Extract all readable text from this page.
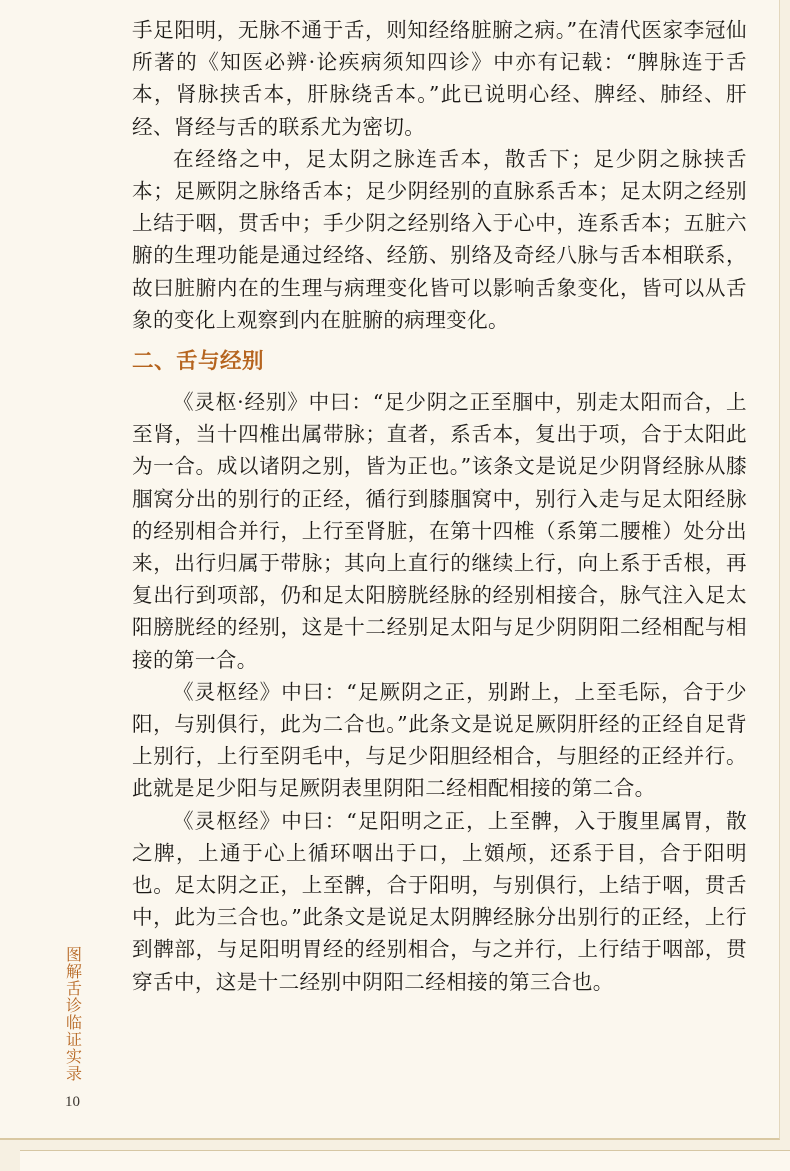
手足阳明，无脉不通于舌，则知经络脏腑之病。”在清代医家李冠仙所著的《知医必辨·论疾病须知四诊》中亦有记载：“脾脉连于舌本，肾脉挟舌本，肝脉绕舌本。”此已说明心经、脾经、肺经、肝经、肾经与舌的联系尤为密切。

在经络之中，足太阴之脉连舌本，散舌下；足少阴之脉挟舌本；足厥阴之脉络舌本；足少阴经别的直脉系舌本；足太阴之经别上结于咽，贯舌中；手少阴之经别络入于心中，连系舌本；五脏六腑的生理功能是通过经络、经筋、别络及奇经八脉与舌本相联系，故曰脏腑内在的生理与病理变化皆可以影响舌象变化，皆可以从舌象的变化上观察到内在脏腑的病理变化。

二、舌与经别

《灵枢·经别》中曰：“足少阴之正至腘中，别走太阳而合，上至肾，当十四椎出属带脉；直者，系舌本，复出于项，合于太阳此为一合。成以诸阴之别，皆为正也。”该条文是说足少阴肾经脉从膝腘窝分出的别行的正经，循行到膝腘窝中，别行入走与足太阳经脉的经别相合并行，上行至肾脏，在第十四椎（系第二腰椎）处分出来，出行归属于带脉；其向上直行的继续上行，向上系于舌根，再复出行到项部，仍和足太阳膀胱经脉的经别相接合，脉气注入足太阳膀胱经的经别，这是十二经别足太阳与足少阴阴阳二经相配与相接的第一合。

《灵枢经》中曰：“足厥阴之正，别跗上，上至毛际，合于少阳，与别俱行，此为二合也。”此条文是说足厥阴肝经的正经自足背上别行，上行至阴毛中，与足少阳胆经相合，与胆经的正经并行。此就是足少阳与足厥阴表里阴阳二经相配相接的第二合。

《灵枢经》中曰：“足阳明之正，上至髀，入于腹里属胃，散之脾，上通于心上循环咽出于口，上頞颅，还系于目，合于阳明也。足太阴之正，上至髀，合于阳明，与别俱行，上结于咽，贯舌中，此为三合也。”此条文是说足太阴脾经脉分出别行的正经，上行到髀部，与足阳明胃经的经别相合，与之并行，上行结于咽部，贯穿舌中，这是十二经别中阴阳二经相接的第三合也。

图解舌诊临证实录
10
